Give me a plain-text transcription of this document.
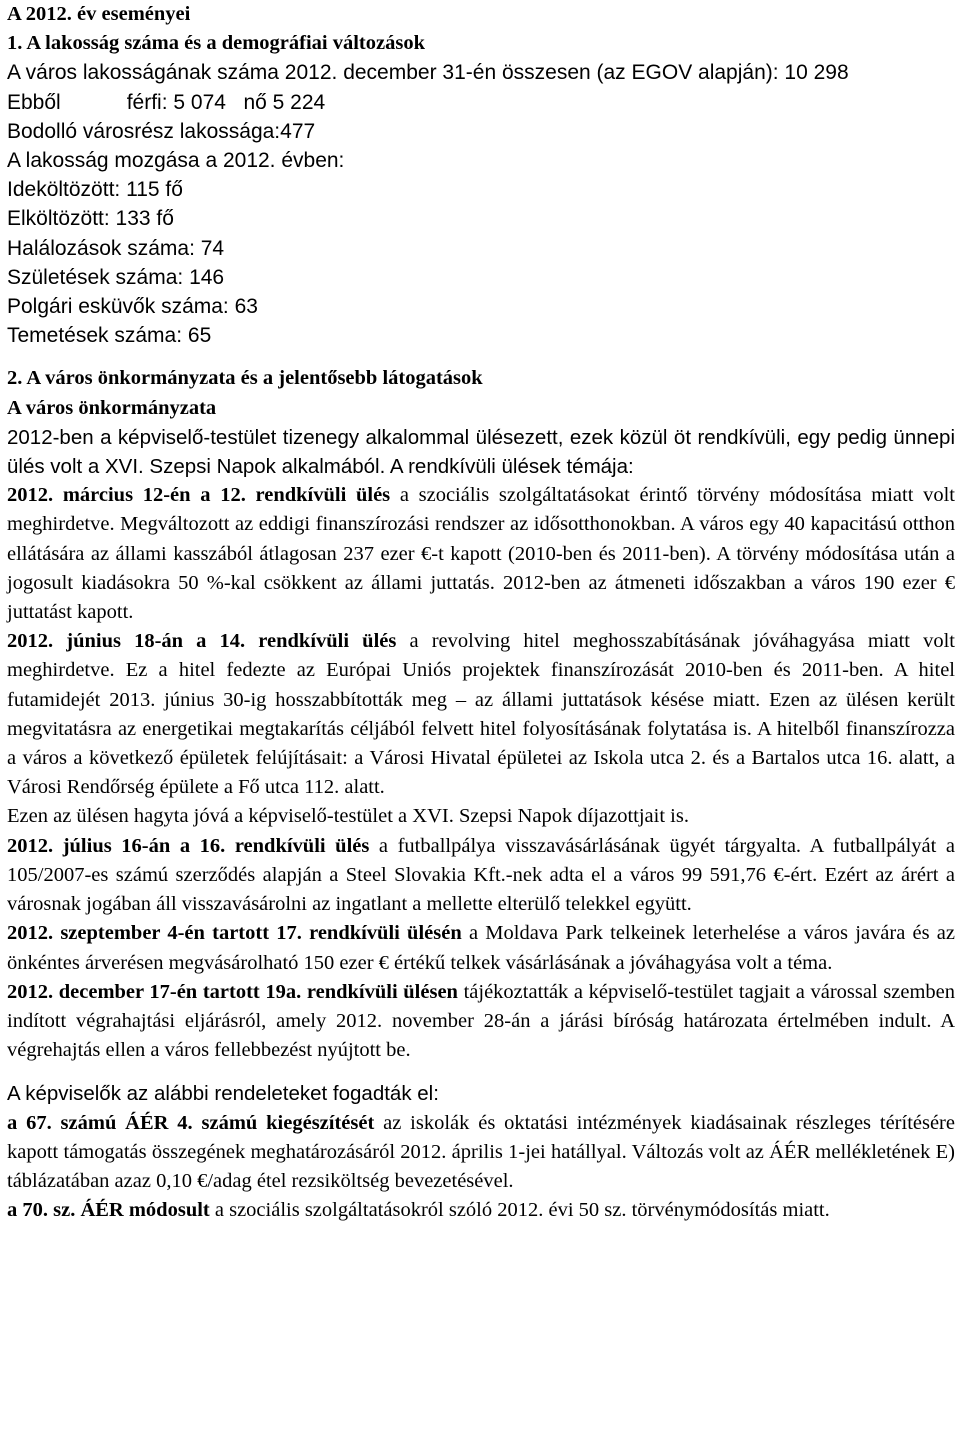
A 2012. év eseményei
1. A lakosság száma és a demográfiai változások
A város lakosságának száma 2012. december 31-én összesen (az EGOV alapján): 10 298
Ebből	férfi: 5 074 nő 5 224
Bodolló városrész lakossága:477
A lakosság mozgása a 2012. évben:
Ideköltözött: 115 fő
Elköltözött: 133 fő
Halálozások száma: 74
Születések száma: 146
Polgári esküvők száma: 63
Temetések száma: 65
2. A város önkormányzata és a jelentősebb látogatások
A város önkormányzata

2012-ben a képviselő-testület tizenegy alkalommal ülésezett, ezek közül öt rendkívüli, egy pedig ünnepi ülés volt a XVI. Szepsi Napok alkalmából. A rendkívüli ülések témája:

2012. március 12-én a 12. rendkívüli ülés a szociális szolgáltatásokat érintő törvény módosítása miatt volt meghirdetve. Megváltozott az eddigi finanszírozási rendszer az idősotthonokban. A város egy 40 kapacitású otthon ellátására az állami kasszából átlagosan 237 ezer €-t kapott (2010-ben és 2011-ben). A törvény módosítása után a jogosult kiadásokra 50 %-kal csökkent az állami juttatás. 2012-ben az átmeneti időszakban a város 190 ezer € juttatást kapott.

2012. június 18-án a 14. rendkívüli ülés a revolving hitel meghosszabításának jóváhagyása miatt volt meghirdetve. Ez a hitel fedezte az Európai Uniós projektek finanszírozását 2010-ben és 2011-ben. A hitel futamidejét 2013. június 30-ig hosszabbították meg – az állami juttatások késése miatt. Ezen az ülésen került megvitatásra az energetikai megtakarítás céljából felvett hitel folyosításának folytatása is. A hitelből finanszírozza a város a következő épületek felújításait: a Városi Hivatal épületei az Iskola utca 2. és a Bartalos utca 16. alatt, a Városi Rendőrség épülete a Fő utca 112. alatt.

Ezen az ülésen hagyta jóvá a képviselő-testület a XVI. Szepsi Napok díjazottjait is.

2012. július 16-án a 16. rendkívüli ülés a futballpálya visszavásárlásának ügyét tárgyalta. A futballpályát a 105/2007-es számú szerződés alapján a Steel Slovakia Kft.-nek adta el a város 99 591,76 €-ért. Ezért az árért a városnak jogában áll visszavásárolni az ingatlant a mellette elterülő telekkel együtt.

2012. szeptember 4-én tartott 17. rendkívüli ülésén a Moldava Park telkeinek leterhelése a város javára és az önkéntes árverésen megvásárolható 150 ezer € értékű telkek vásárlásának a jóváhagyása volt a téma.

2012. december 17-én tartott 19a. rendkívüli ülésen tájékoztatták a képviselő-testület tagjait a várossal szemben indított végrahajtási eljárásról, amely 2012. november 28-án a járási bíróság határozata értelmében indult. A végrehajtás ellen a város fellebbezést nyújtott be.

A képviselők az alábbi rendeleteket fogadták el:

a 67. számú ÁÉR 4. számú kiegészítését az iskolák és oktatási intézmények kiadásainak részleges térítésére kapott támogatás összegének meghatározásáról 2012. április 1-jei hatállyal. Változás volt az ÁÉR mellékletének E) táblázatában azaz 0,10 €/adag étel rezsiköltség bevezetésével.

a 70. sz. ÁÉR módosult a szociális szolgáltatásokról szóló 2012. évi 50 sz. törvénymódosítás miatt.
